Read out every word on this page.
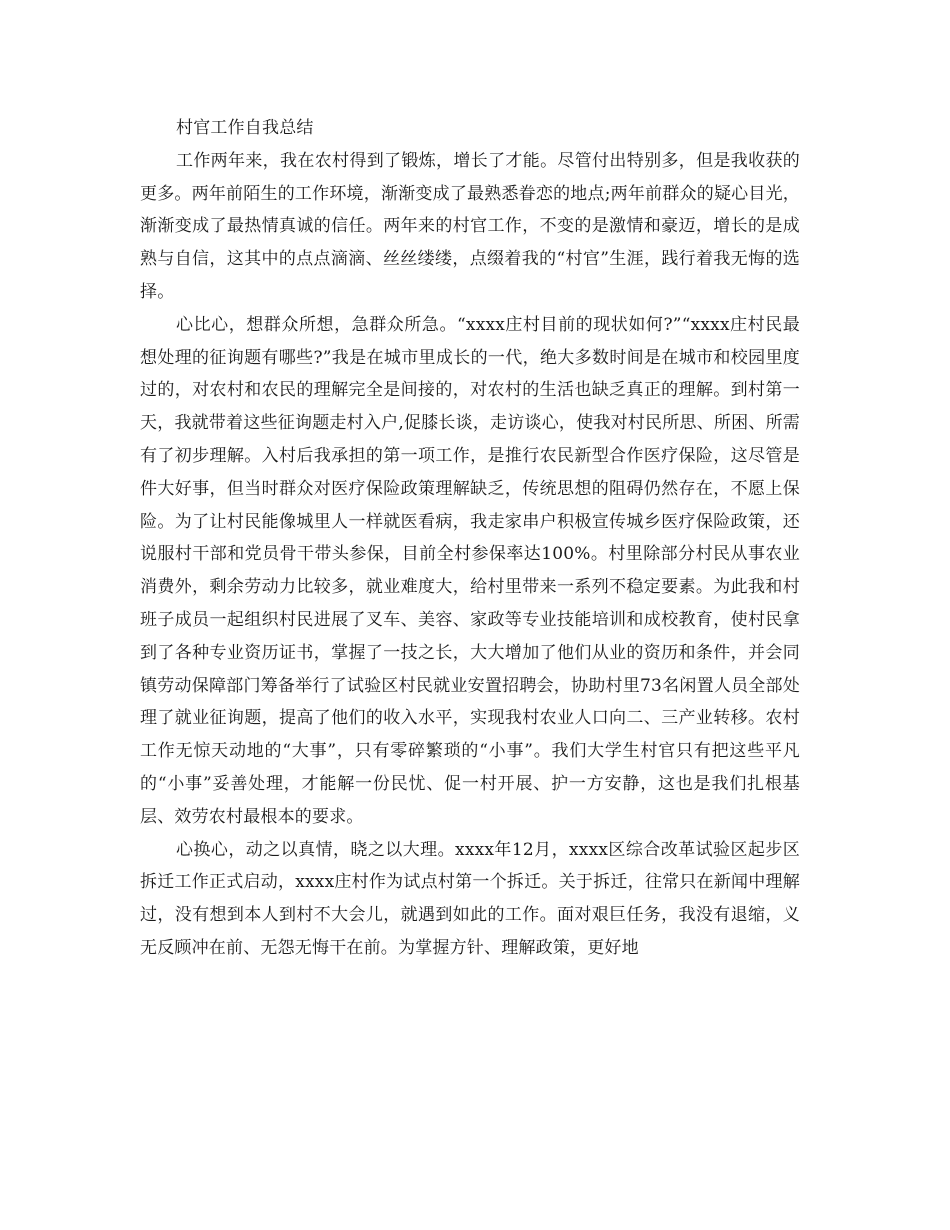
村官工作自我总结

工作两年来，我在农村得到了锻炼，增长了才能。尽管付出特别多，但是我收获的更多。两年前陌生的工作环境，渐渐变成了最熟悉眷恋的地点;两年前群众的疑心目光，渐渐变成了最热情真诚的信任。两年来的村官工作，不变的是激情和豪迈，增长的是成熟与自信，这其中的点点滴滴、丝丝缕缕，点缀着我的“村官”生涯，践行着我无悔的选择。

心比心，想群众所想，急群众所急。“xxxx庄村目前的现状如何?”“xxxx庄村民最想处理的征询题有哪些?”我是在城市里成长的一代，绝大多数时间是在城市和校园里度过的，对农村和农民的理解完全是间接的，对农村的生活也缺乏真正的理解。到村第一天，我就带着这些征询题走村入户,促膝长谈，走访谈心，使我对村民所思、所困、所需有了初步理解。入村后我承担的第一项工作，是推行农民新型合作医疗保险，这尽管是件大好事，但当时群众对医疗保险政策理解缺乏，传统思想的阻碍仍然存在，不愿上保险。为了让村民能像城里人一样就医看病，我走家串户积极宣传城乡医疗保险政策，还说服村干部和党员骨干带头参保，目前全村参保率达100%。村里除部分村民从事农业消费外，剩余劳动力比较多，就业难度大，给村里带来一系列不稳定要素。为此我和村班子成员一起组织村民进展了叉车、美容、家政等专业技能培训和成校教育，使村民拿到了各种专业资历证书，掌握了一技之长，大大增加了他们从业的资历和条件，并会同镇劳动保障部门筹备举行了试验区村民就业安置招聘会，协助村里73名闲置人员全部处理了就业征询题，提高了他们的收入水平，实现我村农业人口向二、三产业转移。农村工作无惊天动地的“大事”，只有零碎繁琐的“小事”。我们大学生村官只有把这些平凡的“小事”妥善处理，才能解一份民忧、促一村开展、护一方安静，这也是我们扎根基层、效劳农村最根本的要求。

心换心，动之以真情，晓之以大理。xxxx年12月，xxxx区综合改革试验区起步区拆迁工作正式启动，xxxx庄村作为试点村第一个拆迁。关于拆迁，往常只在新闻中理解过，没有想到本人到村不大会儿，就遇到如此的工作。面对艰巨任务，我没有退缩，义无反顾冲在前、无怨无悔干在前。为掌握方针、理解政策，更好地
